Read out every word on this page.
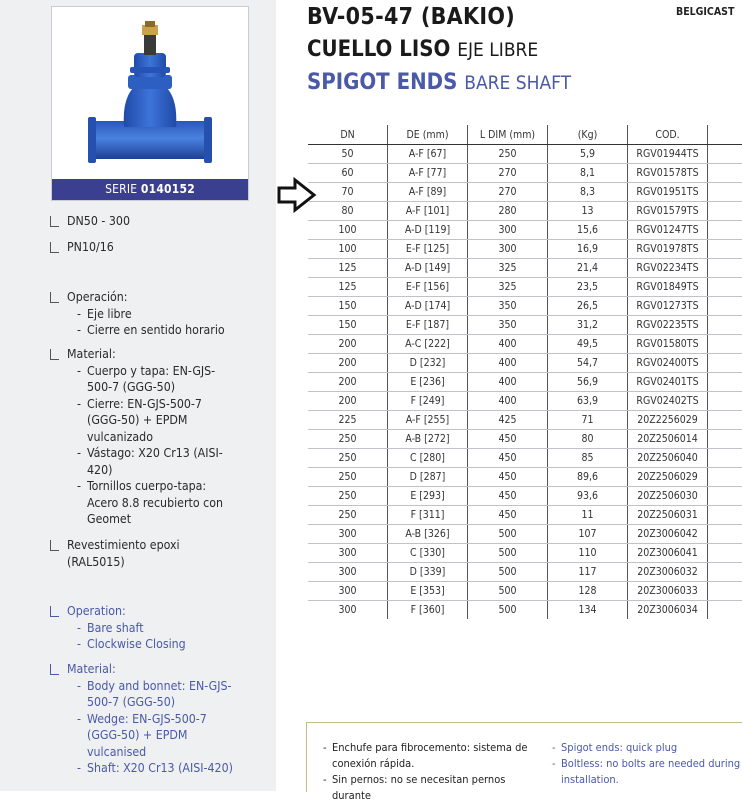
SERIE 0140152
DN50 - 300
PN10/16
Operación:
- Eje libre
- Cierre en sentido horario
Material:
- Cuerpo y tapa: EN-GJS-500-7 (GGG-50)
- Cierre: EN-GJS-500-7 (GGG-50) + EPDM vulcanizado
- Vástago: X20 Cr13 (AISI-420)
- Tornillos cuerpo-tapa: Acero 8.8 recubierto con Geomet
Revestimiento epoxi (RAL5015)
Operation:
- Bare shaft
- Clockwise Closing
Material:
- Body and bonnet: EN-GJS-500-7 (GGG-50)
- Wedge: EN-GJS-500-7 (GGG-50) + EPDM vulcanised
- Shaft: X20 Cr13 (AISI-420)
BV-05-47 (BAKIO)
CUELLO LISO EJE LIBRE
SPIGOT ENDS BARE SHAFT
BELGICAST
DN	DE (mm)	L DIM (mm)	(Kg)	COD.	
50	A-F [67]	250	5,9	RGV01944TS	
60	A-F [77]	270	8,1	RGV01578TS	
70	A-F [89]	270	8,3	RGV01951TS	
80	A-F [101]	280	13	RGV01579TS	
100	A-D [119]	300	15,6	RGV01247TS	
100	E-F [125]	300	16,9	RGV01978TS	
125	A-D [149]	325	21,4	RGV02234TS	
125	E-F [156]	325	23,5	RGV01849TS	
150	A-D [174]	350	26,5	RGV01273TS	
150	E-F [187]	350	31,2	RGV02235TS	
200	A-C [222]	400	49,5	RGV01580TS	
200	D [232]	400	54,7	RGV02400TS	
200	E [236]	400	56,9	RGV02401TS	
200	F [249]	400	63,9	RGV02402TS	
225	A-F [255]	425	71	20Z2256029	
250	A-B [272]	450	80	20Z2506014	
250	C [280]	450	85	20Z2506040	
250	D [287]	450	89,6	20Z2506029	
250	E [293]	450	93,6	20Z2506030	
250	F [311]	450	11	20Z2506031	
300	A-B [326]	500	107	20Z3006042	
300	C [330]	500	110	20Z3006041	
300	D [339]	500	117	20Z3006032	
300	E [353]	500	128	20Z3006033	
300	F [360]	500	134	20Z3006034	
- Enchufe para fibrocemento: sistema de conexión rápida.
- Sin pernos: no se necesitan pernos durante
- Spigot ends: quick plug
- Boltless: no bolts are needed during installation.
